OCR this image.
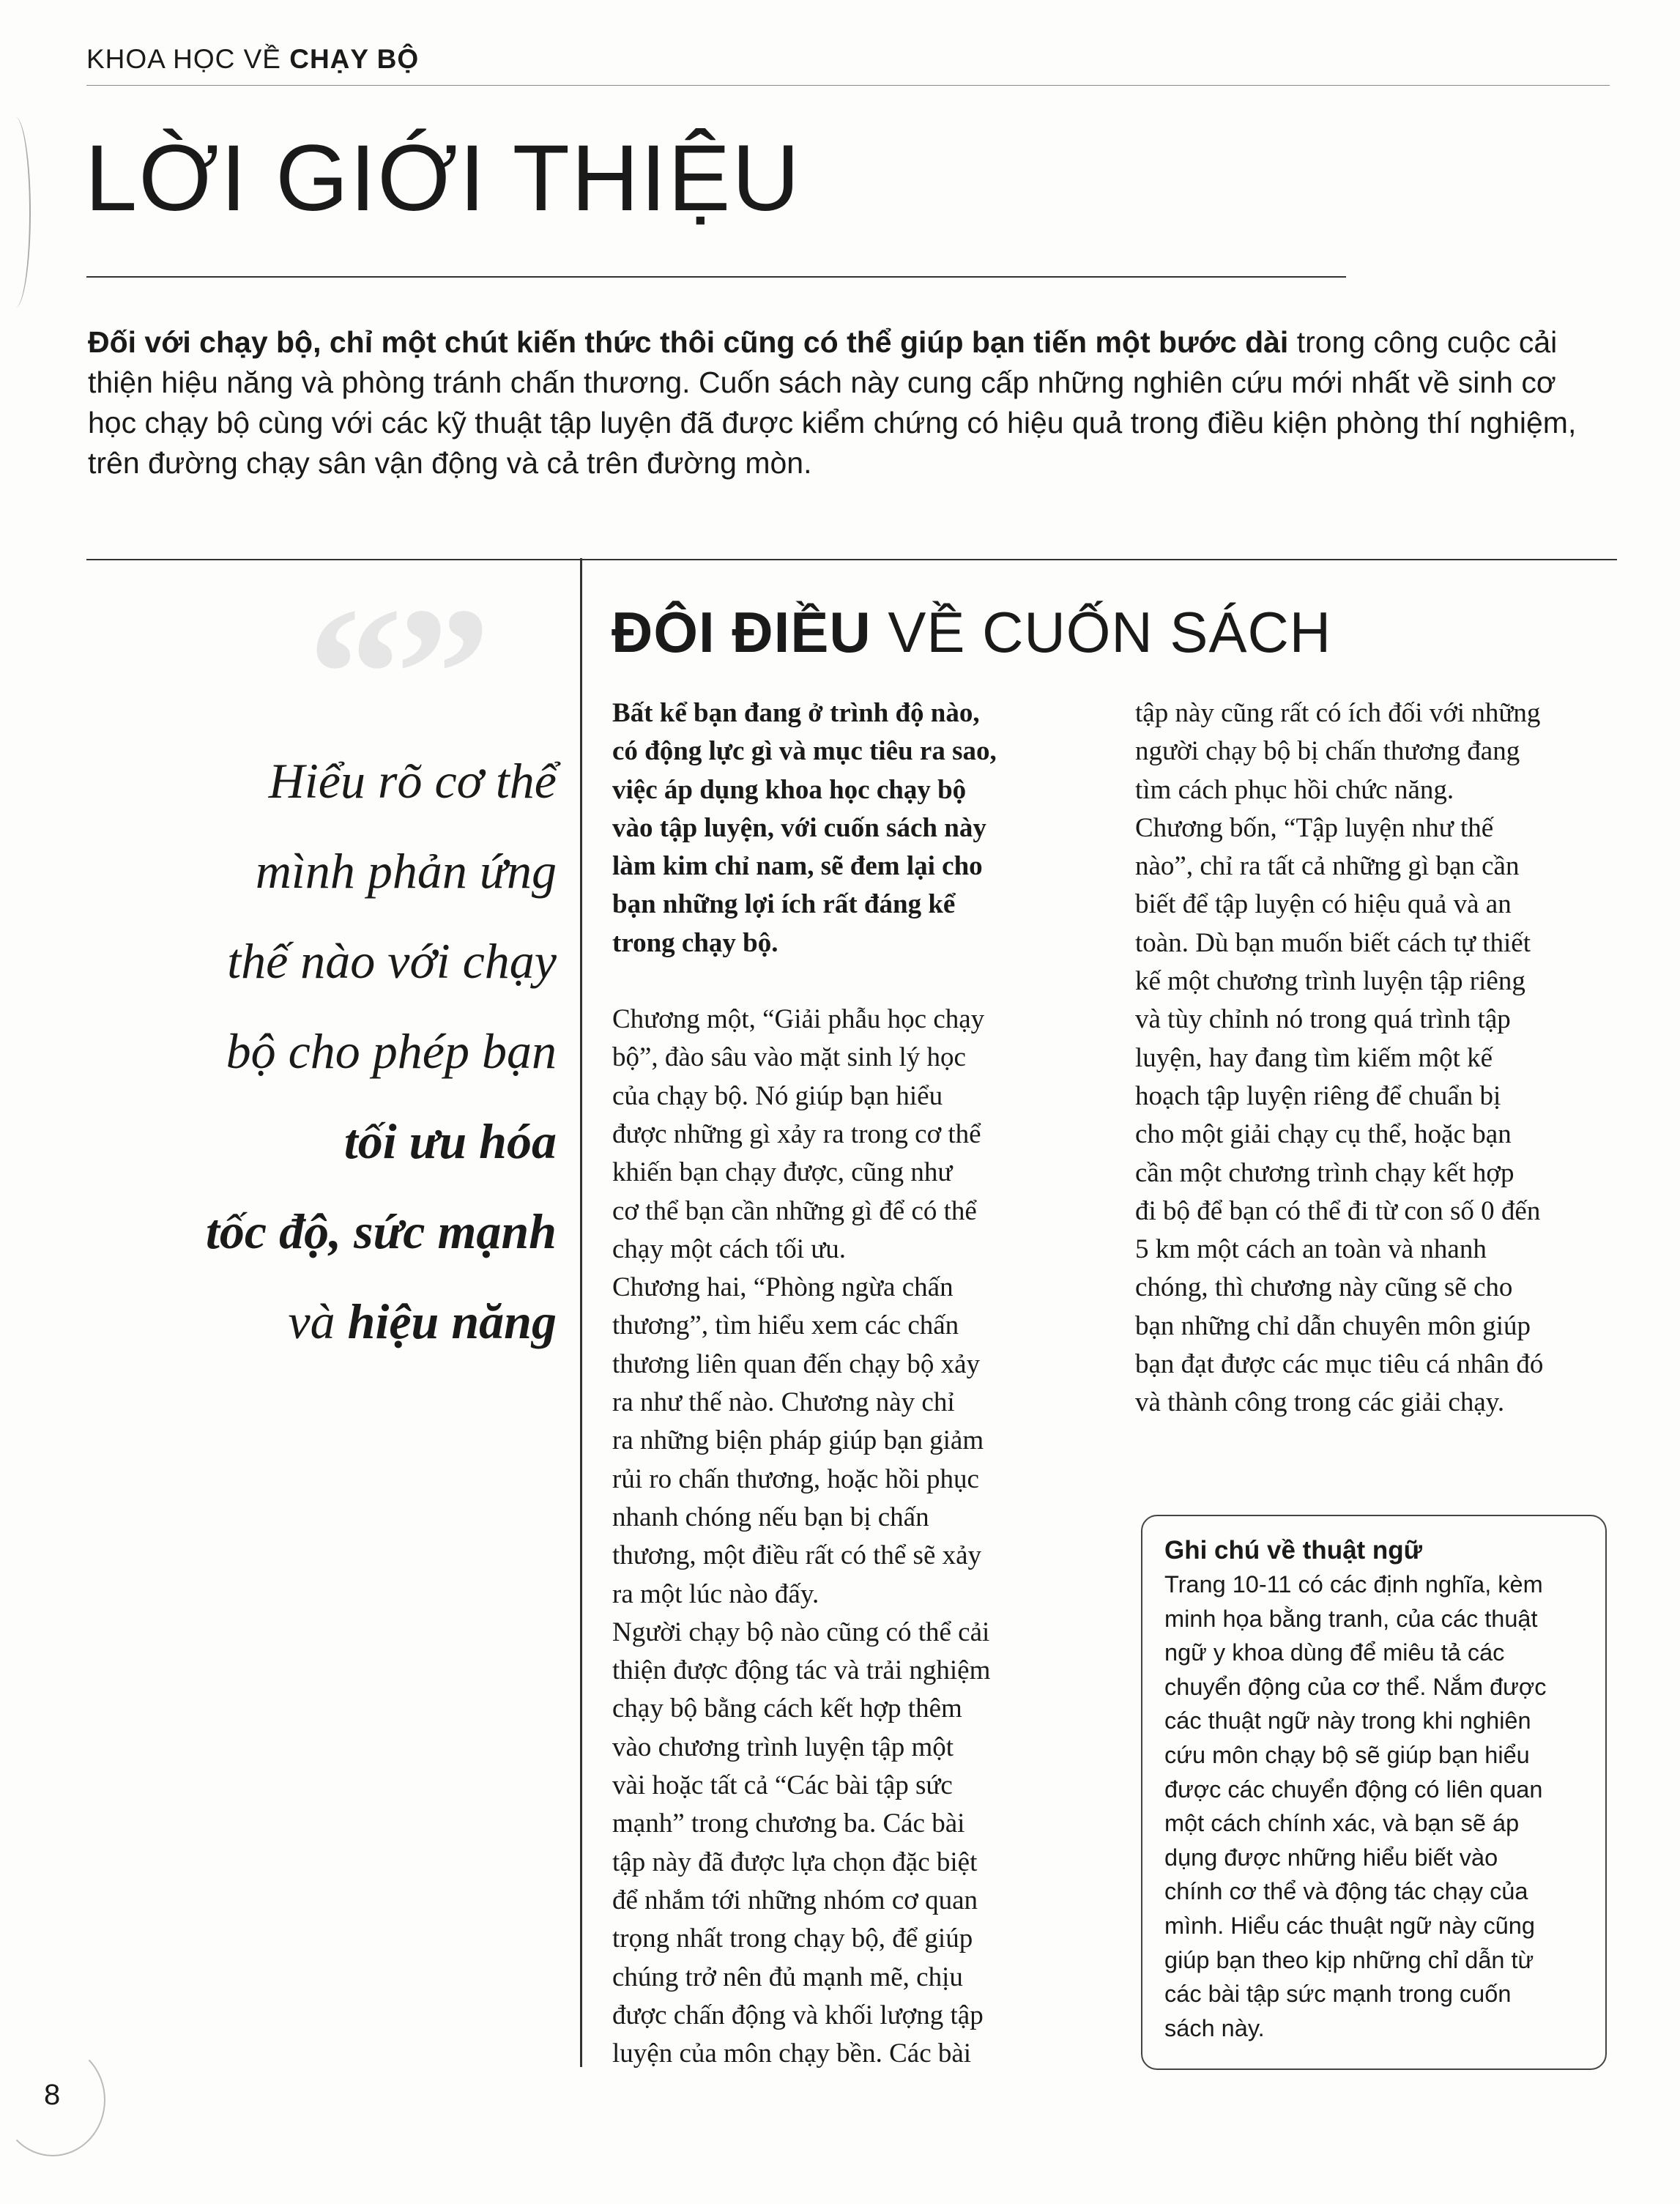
KHOA HỌC VỀ CHẠY BỘ
LỜI GIỚI THIỆU

Đối với chạy bộ, chỉ một chút kiến thức thôi cũng có thể giúp bạn tiến một bước dài trong công cuộc cải thiện hiệu năng và phòng tránh chấn thương. Cuốn sách này cung cấp những nghiên cứu mới nhất về sinh cơ học chạy bộ cùng với các kỹ thuật tập luyện đã được kiểm chứng có hiệu quả trong điều kiện phòng thí nghiệm, trên đường chạy sân vận động và cả trên đường mòn.

“”
Hiểu rõ cơ thể
mình phản ứng
thế nào với chạy
bộ cho phép bạn
tối ưu hóa
tốc độ, sức mạnh
và hiệu năng
ĐÔI ĐIỀU VỀ CUỐN SÁCH
Bất kể bạn đang ở trình độ nào,
có động lực gì và mục tiêu ra sao,
việc áp dụng khoa học chạy bộ
vào tập luyện, với cuốn sách này
làm kim chỉ nam, sẽ đem lại cho
bạn những lợi ích rất đáng kể
trong chạy bộ.
Chương một, “Giải phẫu học chạy
bộ”, đào sâu vào mặt sinh lý học
của chạy bộ. Nó giúp bạn hiểu
được những gì xảy ra trong cơ thể
khiến bạn chạy được, cũng như
cơ thể bạn cần những gì để có thể
chạy một cách tối ưu.
Chương hai, “Phòng ngừa chấn
thương”, tìm hiểu xem các chấn
thương liên quan đến chạy bộ xảy
ra như thế nào. Chương này chỉ
ra những biện pháp giúp bạn giảm
rủi ro chấn thương, hoặc hồi phục
nhanh chóng nếu bạn bị chấn
thương, một điều rất có thể sẽ xảy
ra một lúc nào đấy.
Người chạy bộ nào cũng có thể cải
thiện được động tác và trải nghiệm
chạy bộ bằng cách kết hợp thêm
vào chương trình luyện tập một
vài hoặc tất cả “Các bài tập sức
mạnh” trong chương ba. Các bài
tập này đã được lựa chọn đặc biệt
để nhắm tới những nhóm cơ quan
trọng nhất trong chạy bộ, để giúp
chúng trở nên đủ mạnh mẽ, chịu
được chấn động và khối lượng tập
luyện của môn chạy bền. Các bài
tập này cũng rất có ích đối với những
người chạy bộ bị chấn thương đang
tìm cách phục hồi chức năng.
Chương bốn, “Tập luyện như thế
nào”, chỉ ra tất cả những gì bạn cần
biết để tập luyện có hiệu quả và an
toàn. Dù bạn muốn biết cách tự thiết
kế một chương trình luyện tập riêng
và tùy chỉnh nó trong quá trình tập
luyện, hay đang tìm kiếm một kế
hoạch tập luyện riêng để chuẩn bị
cho một giải chạy cụ thể, hoặc bạn
cần một chương trình chạy kết hợp
đi bộ để bạn có thể đi từ con số 0 đến
5 km một cách an toàn và nhanh
chóng, thì chương này cũng sẽ cho
bạn những chỉ dẫn chuyên môn giúp
bạn đạt được các mục tiêu cá nhân đó
và thành công trong các giải chạy.
Ghi chú về thuật ngữ
Trang 10-11 có các định nghĩa, kèm
minh họa bằng tranh, của các thuật
ngữ y khoa dùng để miêu tả các
chuyển động của cơ thể. Nắm được
các thuật ngữ này trong khi nghiên
cứu môn chạy bộ sẽ giúp bạn hiểu
được các chuyển động có liên quan
một cách chính xác, và bạn sẽ áp
dụng được những hiểu biết vào
chính cơ thể và động tác chạy của
mình. Hiểu các thuật ngữ này cũng
giúp bạn theo kịp những chỉ dẫn từ
các bài tập sức mạnh trong cuốn
sách này.
8
